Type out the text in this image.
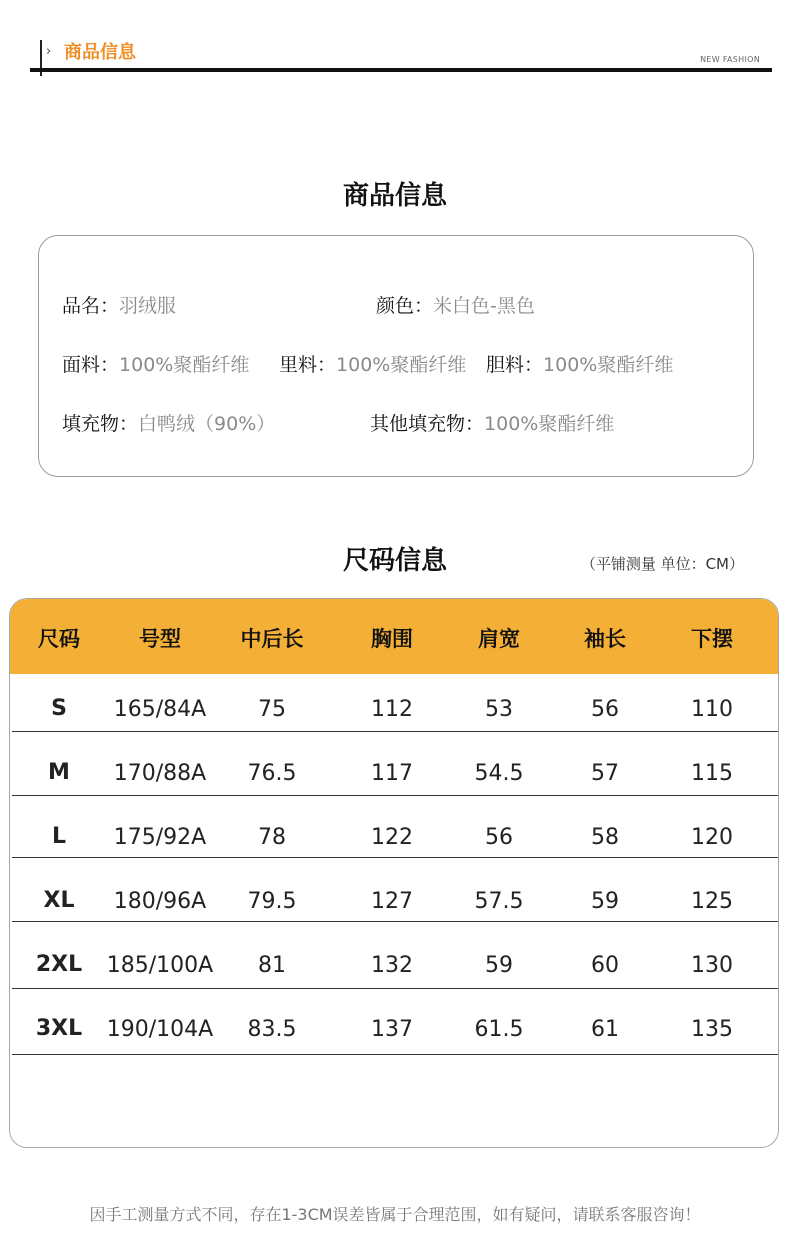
› 商品信息	NEW FASHION
商品信息
品名：羽绒服	颜色：米白色-黑色
面料：100%聚酯纤维 里料：100%聚酯纤维 胆料：100%聚酯纤维
填充物：白鸭绒（90%）	其他填充物：100%聚酯纤维
尺码信息	（平铺测量 单位：CM）
尺码	号型	中后长	胸围	肩宽	袖长	下摆
S	165/84A	75	112	53	56	110
M	170/88A	76.5	117	54.5	57	115
L	175/92A	78	122	56	58	120
XL	180/96A	79.5	127	57.5	59	125
2XL	185/100A	81	132	59	60	130
3XL	190/104A	83.5	137	61.5	61	135
因手工测量方式不同，存在1-3CM误差皆属于合理范围，如有疑问，请联系客服咨询！
